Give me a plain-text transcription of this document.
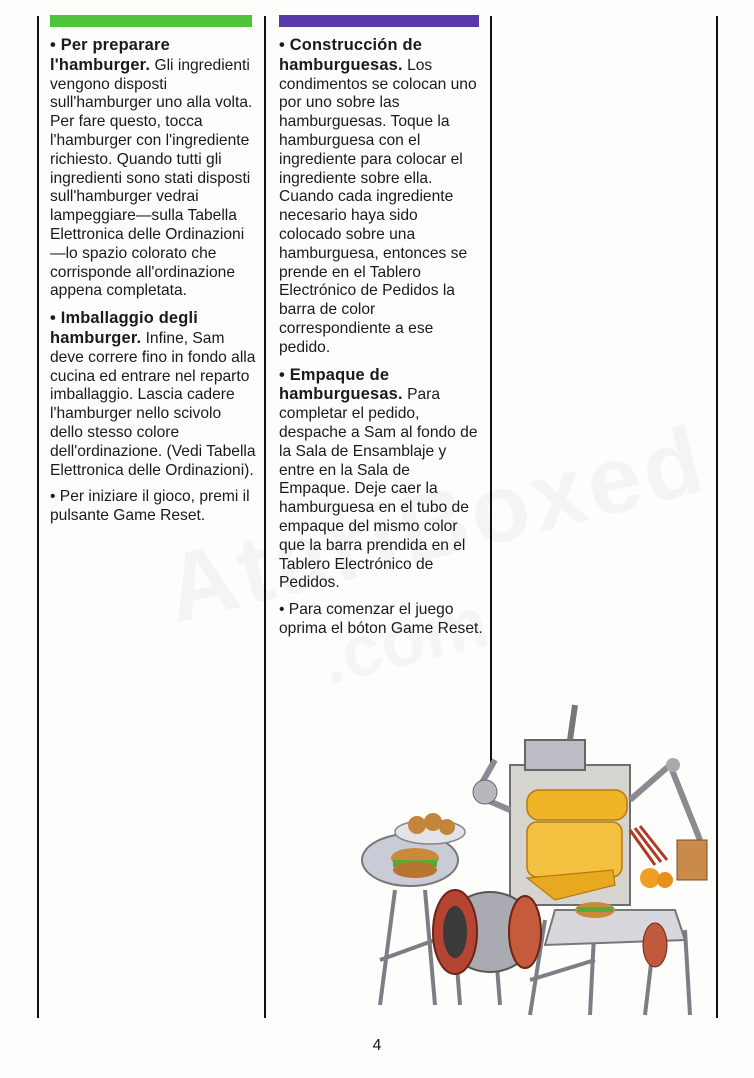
• Per preparare l'hamburger. Gli ingredienti vengono disposti sull'hamburger uno alla volta. Per fare questo, tocca l'hamburger con l'ingrediente richiesto. Quando tutti gli ingredienti sono stati disposti sull'hamburger vedrai lampeggiare—sulla Tabella Elettronica delle Ordinazioni—lo spazio colorato che corrisponde all'ordinazione appena completata.

• Imballaggio degli hamburger. Infine, Sam deve correre fino in fondo alla cucina ed entrare nel reparto imballaggio. Lascia cadere l'hamburger nello scivolo dello stesso colore dell'ordinazione. (Vedi Tabella Elettronica delle Ordinazioni).

• Per iniziare il gioco, premi il pulsante Game Reset.

• Construcción de hamburguesas. Los condimentos se colocan uno por uno sobre las hamburguesas. Toque la hamburguesa con el ingrediente para colocar el ingrediente sobre ella. Cuando cada ingrediente necesario haya sido colocado sobre una hamburguesa, entonces se prende en el Tablero Electrónico de Pedidos la barra de color correspondiente a ese pedido.

• Empaque de hamburguesas. Para completar el pedido, despache a Sam al fondo de la Sala de Ensamblaje y entre en la Sala de Empaque. Deje caer la hamburguesa en el tubo de empaque del mismo color que la barra prendida en el Tablero Electrónico de Pedidos.

• Para comenzar el juego oprima el bóton Game Reset.

4
